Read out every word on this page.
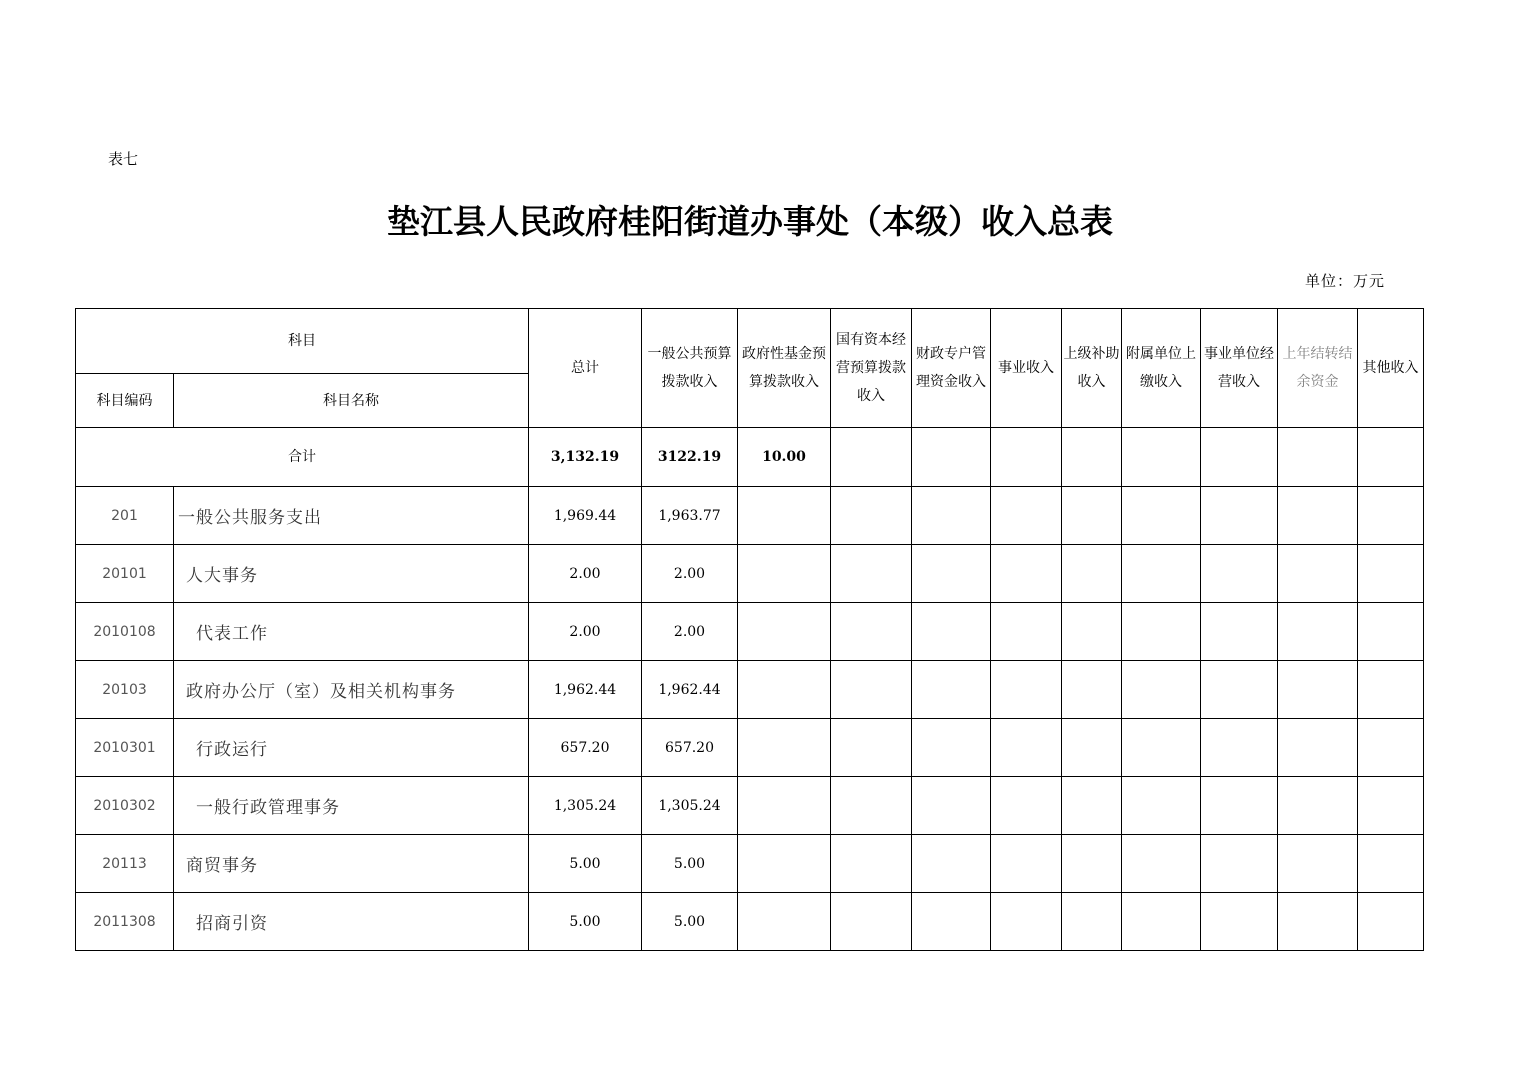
表七
垫江县人民政府桂阳街道办事处（本级）收入总表
单位：万元
科目		总计	一般公共预算拨款收入	政府性基金预算拨款收入	国有资本经营预算拨款收入	财政专户管理资金收入	事业收入	上级补助收入	附属单位上缴收入	事业单位经营收入	上年结转结余资金	其他收入
科目编码	科目名称											
合计		3,132.19	3122.19	10.00								
201	一般公共服务支出	1,969.44	1,963.77									
20101	人大事务	2.00	2.00									
2010108	代表工作	2.00	2.00									
20103	政府办公厅（室）及相关机构事务	1,962.44	1,962.44									
2010301	行政运行	657.20	657.20									
2010302	一般行政管理事务	1,305.24	1,305.24									
20113	商贸事务	5.00	5.00									
2011308	招商引资	5.00	5.00									
